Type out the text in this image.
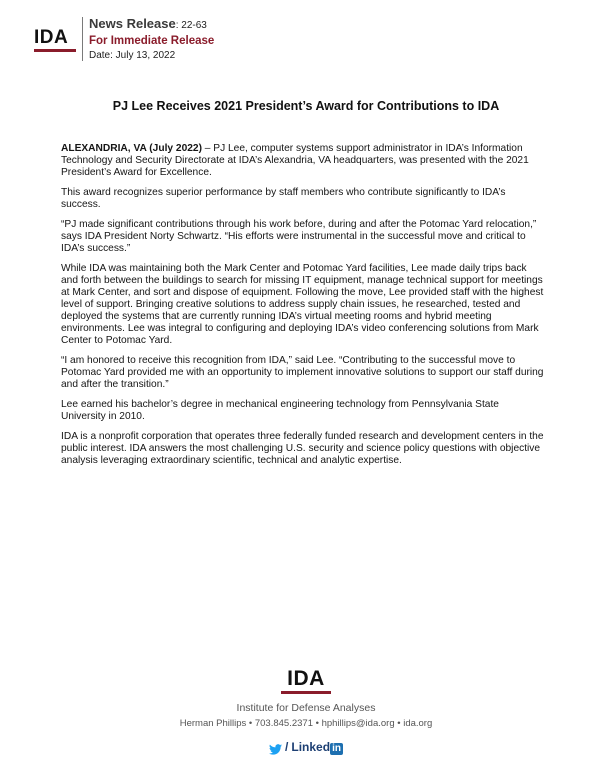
IDA
News Release: 22-63
For Immediate Release
Date: July 13, 2022
PJ Lee Receives 2021 President’s Award for Contributions to IDA

ALEXANDRIA, VA (July 2022) – PJ Lee, computer systems support administrator in IDA’s Information Technology and Security Directorate at IDA’s Alexandria, VA headquarters, was presented with the 2021 President’s Award for Excellence.

This award recognizes superior performance by staff members who contribute significantly to IDA’s success.

“PJ made significant contributions through his work before, during and after the Potomac Yard relocation,” says IDA President Norty Schwartz. “His efforts were instrumental in the successful move and critical to IDA’s success.”

While IDA was maintaining both the Mark Center and Potomac Yard facilities, Lee made daily trips back and forth between the buildings to search for missing IT equipment, manage technical support for meetings at Mark Center, and sort and dispose of equipment. Following the move, Lee provided staff with the highest level of support. Bringing creative solutions to address supply chain issues, he researched, tested and deployed the systems that are currently running IDA’s virtual meeting rooms and hybrid meeting environments. Lee was integral to configuring and deploying IDA’s video conferencing solutions from Mark Center to Potomac Yard.

“I am honored to receive this recognition from IDA,” said Lee. “Contributing to the successful move to Potomac Yard provided me with an opportunity to implement innovative solutions to support our staff during and after the transition.”

Lee earned his bachelor’s degree in mechanical engineering technology from Pennsylvania State University in 2010.

IDA is a nonprofit corporation that operates three federally funded research and development centers in the public interest. IDA answers the most challenging U.S. security and science policy questions with objective analysis leveraging extraordinary scientific, technical and analytic expertise.

IDA
Institute for Defense Analyses
Herman Phillips • 703.845.2371 • hphillips@ida.org • ida.org
/ Linked in
